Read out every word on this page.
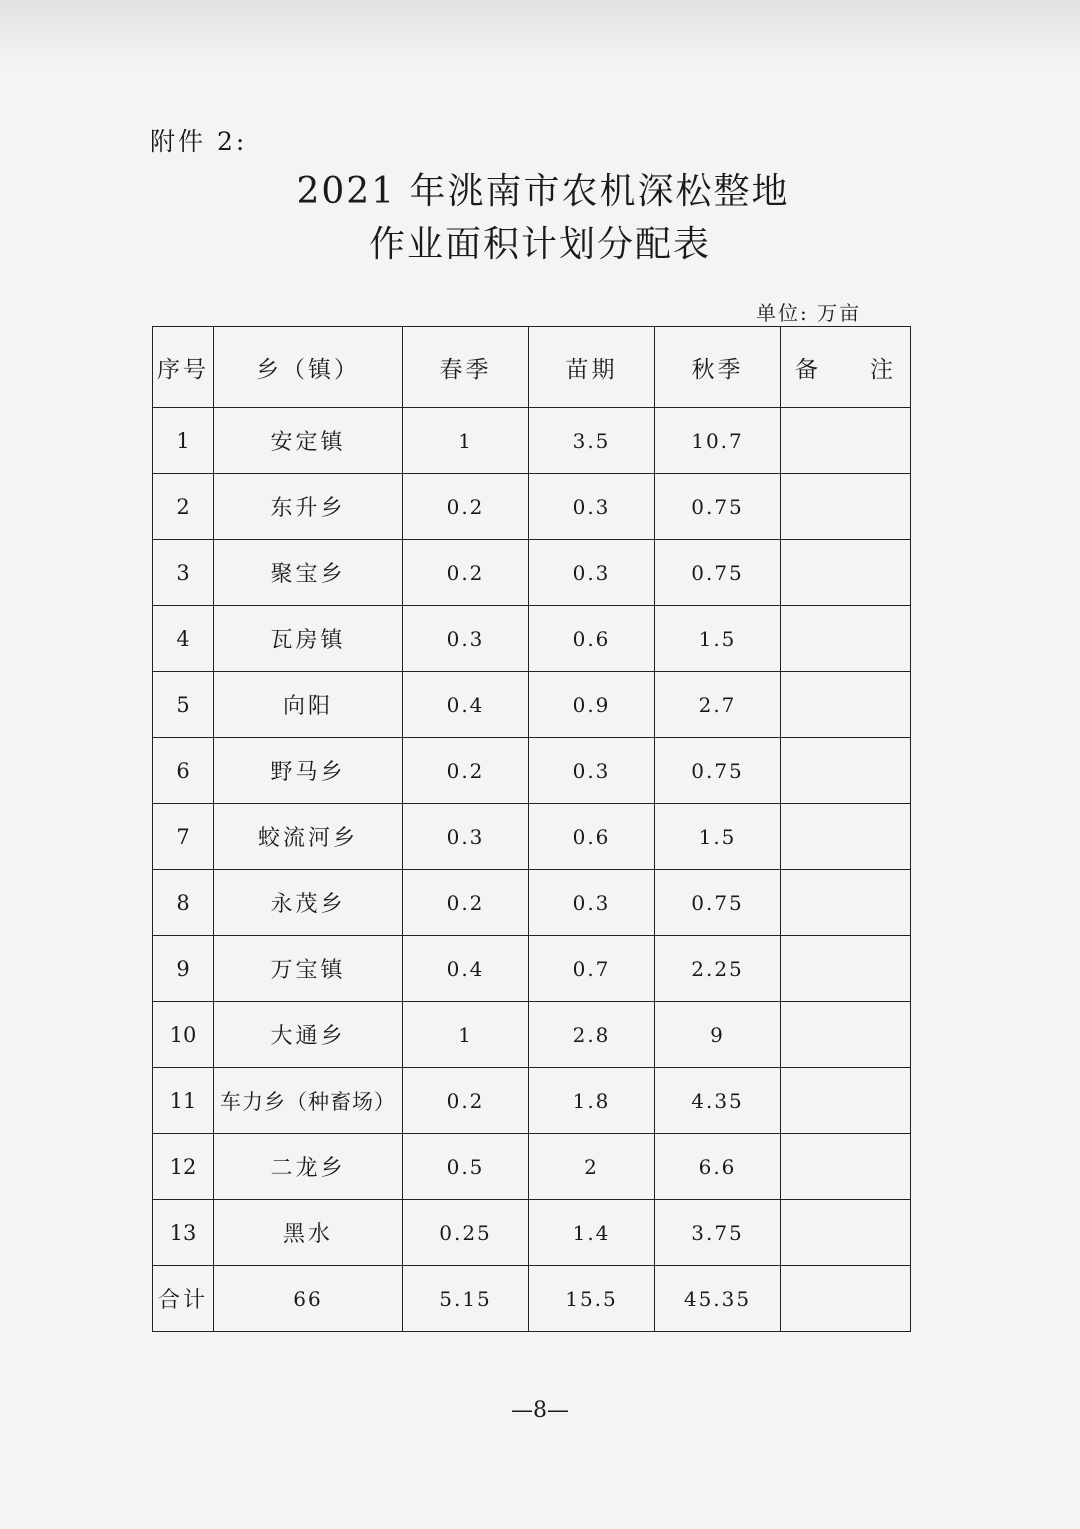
附件 2:
2021 年洮南市农机深松整地
作业面积计划分配表
单位: 万亩
序号	乡（镇）	春季	苗期	秋季	备 注

1	安定镇	1	3.5	10.7	
2	东升乡	0.2	0.3	0.75	
3	聚宝乡	0.2	0.3	0.75	
4	瓦房镇	0.3	0.6	1.5	
5	向阳	0.4	0.9	2.7	
6	野马乡	0.2	0.3	0.75	
7	蛟流河乡	0.3	0.6	1.5	
8	永茂乡	0.2	0.3	0.75	
9	万宝镇	0.4	0.7	2.25	
10	大通乡	1	2.8	9	
11	车力乡（种畜场）	0.2	1.8	4.35	
12	二龙乡	0.5	2	6.6	
13	黑水	0.25	1.4	3.75	
合计	66	5.15	15.5	45.35	
—8—
